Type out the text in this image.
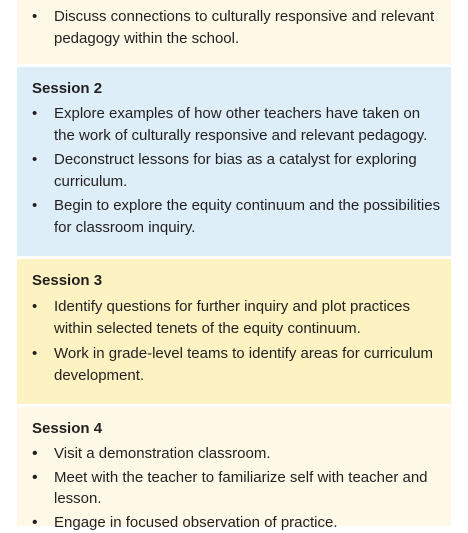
• Discuss connections to culturally responsive and relevant pedagogy within the school.
Session 2
• Explore examples of how other teachers have taken on the work of culturally responsive and relevant pedagogy.
• Deconstruct lessons for bias as a catalyst for exploring curriculum.
• Begin to explore the equity continuum and the possibilities for classroom inquiry.
Session 3
• Identify questions for further inquiry and plot practices within selected tenets of the equity continuum.
• Work in grade-level teams to identify areas for curriculum development.
Session 4
• Visit a demonstration classroom.
• Meet with the teacher to familiarize self with teacher and lesson.
• Engage in focused observation of practice.
